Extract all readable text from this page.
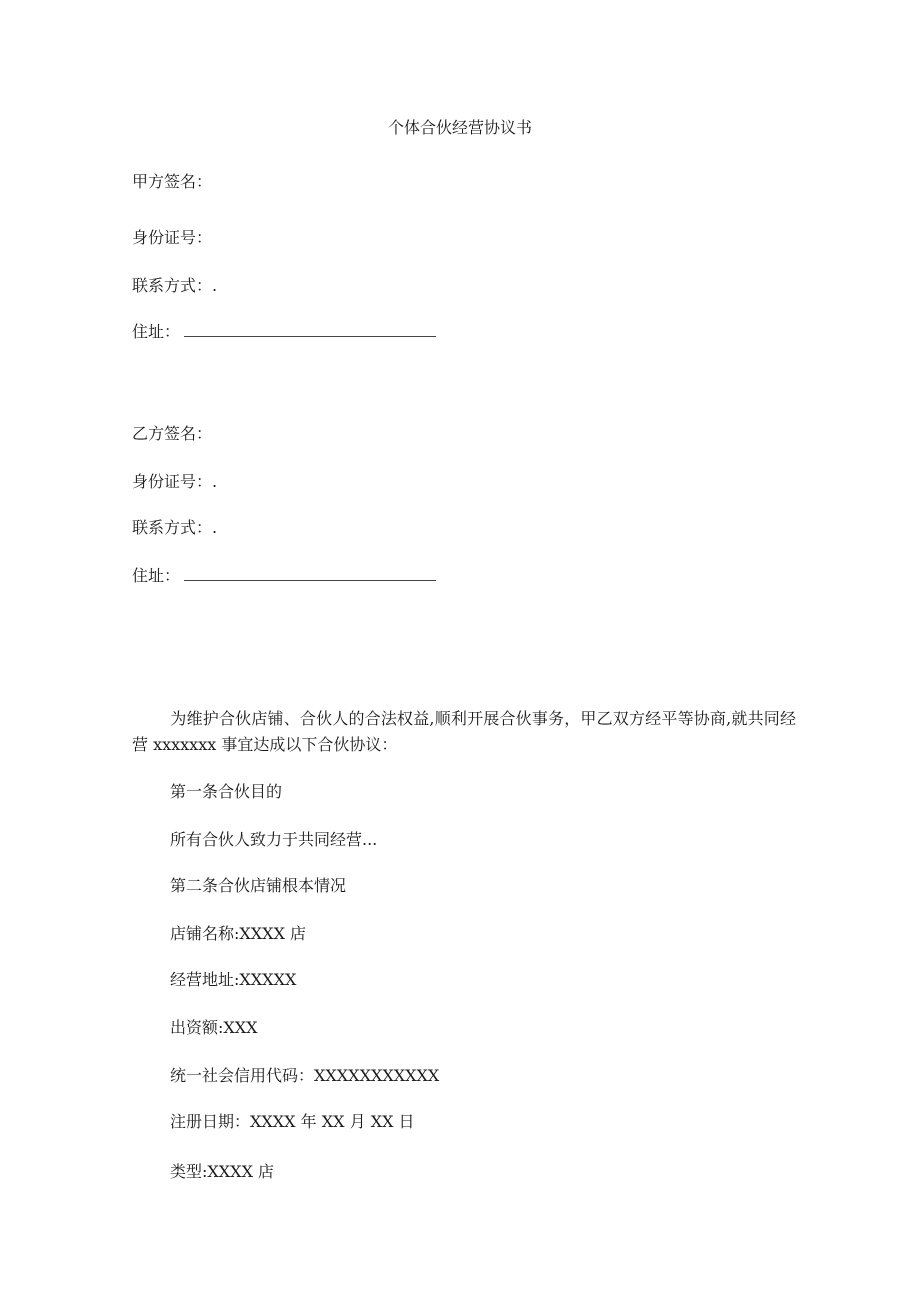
个体合伙经营协议书
甲方签名：
身份证号：
联系方式：.
住址：
乙方签名：
身份证号：.
联系方式：.
住址：
为维护合伙店铺、合伙人的合法权益,顺利开展合伙事务，甲乙双方经平等协商,就共同经营 xxxxxxx 事宜达成以下合伙协议：
第一条合伙目的
所有合伙人致力于共同经营...
第二条合伙店铺根本情况
店铺名称:XXXX 店
经营地址:XXXXX
出资额:XXX
统一社会信用代码：XXXXXXXXXXX
注册日期：XXXX 年 XX 月 XX 日
类型:XXXX 店
